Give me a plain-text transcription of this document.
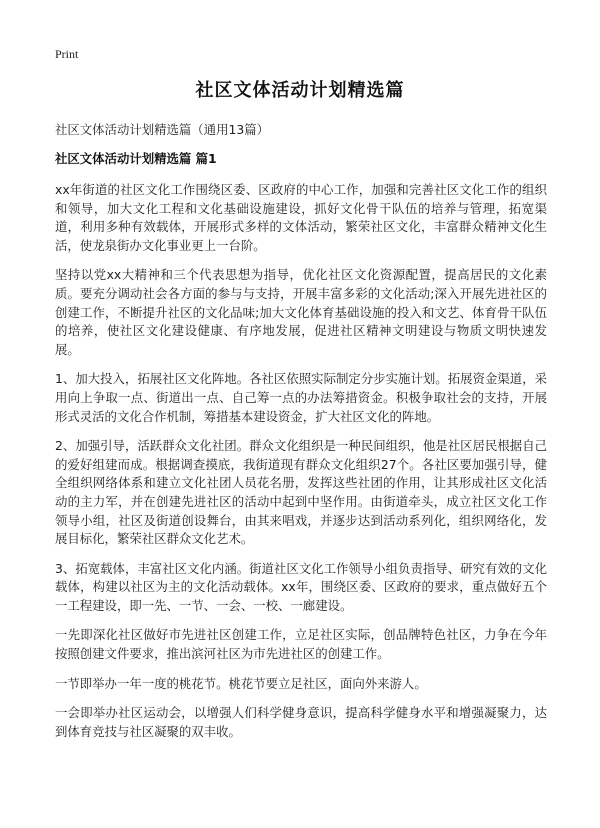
Print
社区文体活动计划精选篇
社区文体活动计划精选篇（通用13篇）
社区文体活动计划精选篇 篇1

xx年街道的社区文化工作围绕区委、区政府的中心工作，加强和完善社区文化工作的组织和领导，加大文化工程和文化基础设施建设，抓好文化骨干队伍的培养与管理，拓宽渠道，利用多种有效载体，开展形式多样的文体活动，繁荣社区文化，丰富群众精神文化生活，使龙泉街办文化事业更上一台阶。

坚持以党xx大精神和三个代表思想为指导，优化社区文化资源配置，提高居民的文化素质。要充分调动社会各方面的参与与支持，开展丰富多彩的文化活动;深入开展先进社区的创建工作，不断提升社区的文化品味;加大文化体育基础设施的投入和文艺、体育骨干队伍的培养，使社区文化建设健康、有序地发展，促进社区精神文明建设与物质文明快速发展。

1、加大投入，拓展社区文化阵地。各社区依照实际制定分步实施计划。拓展资金渠道，采用向上争取一点、街道出一点、自己筹一点的办法筹措资金。积极争取社会的支持，开展形式灵活的文化合作机制，筹措基本建设资金，扩大社区文化的阵地。

2、加强引导，活跃群众文化社团。群众文化组织是一种民间组织，他是社区居民根据自己的爱好组建而成。根据调查摸底，我街道现有群众文化组织27个。各社区要加强引导，健全组织网络体系和建立文化社团人员花名册，发挥这些社团的作用，让其形成社区文化活动的主力军，并在创建先进社区的活动中起到中坚作用。由街道牵头，成立社区文化工作领导小组，社区及街道创设舞台，由其来唱戏，并逐步达到活动系列化，组织网络化，发展目标化，繁荣社区群众文化艺术。

3、拓宽载体，丰富社区文化内涵。街道社区文化工作领导小组负责指导、研究有效的文化载体，构建以社区为主的文化活动载体。xx年，围绕区委、区政府的要求，重点做好五个一工程建设，即一先、一节、一会、一校、一廊建设。

一先即深化社区做好市先进社区创建工作，立足社区实际，创品牌特色社区，力争在今年按照创建文件要求，推出滨河社区为市先进社区的创建工作。

一节即举办一年一度的桃花节。桃花节要立足社区，面向外来游人。

一会即举办社区运动会，以增强人们科学健身意识，提高科学健身水平和增强凝聚力，达到体育竞技与社区凝聚的双丰收。
